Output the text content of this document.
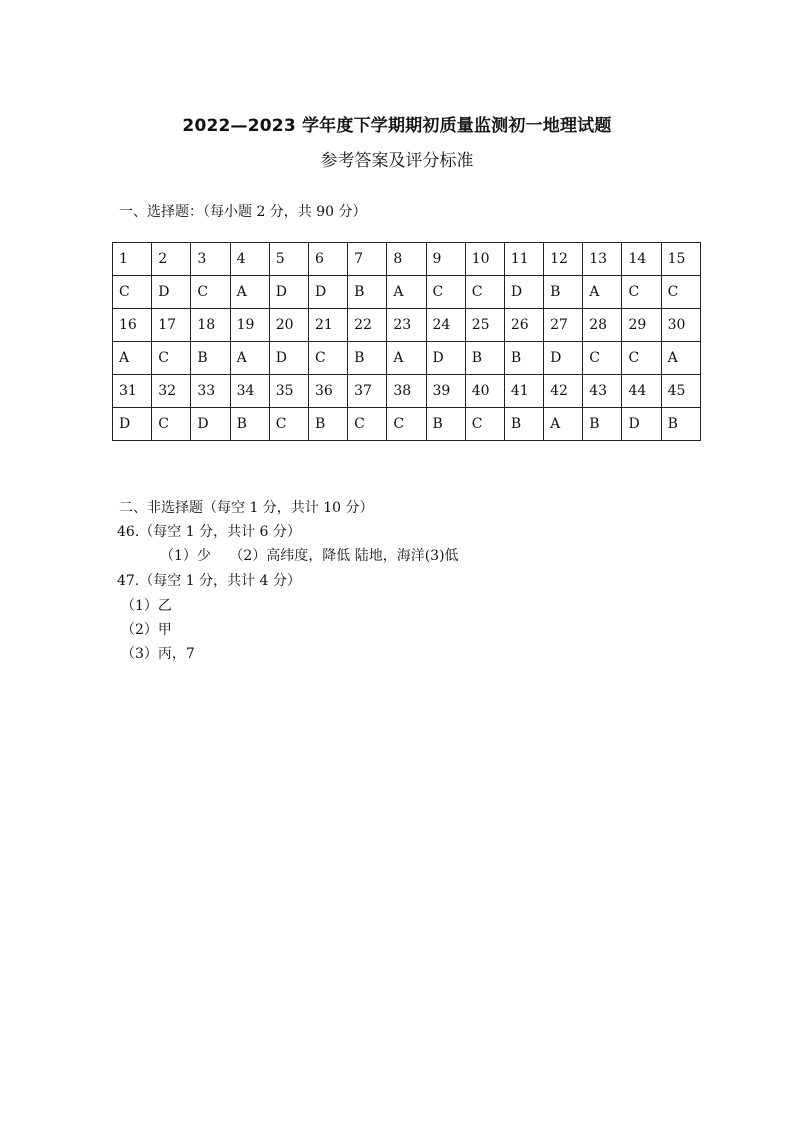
2022—2023 学年度下学期期初质量监测初一地理试题
参考答案及评分标准
一、选择题：（每小题 2 分，共 90 分）
1	2	3	4	5	6	7	8	9	10	11	12	13	14	15
C	D	C	A	D	D	B	A	C	C	D	B	A	C	C
16	17	18	19	20	21	22	23	24	25	26	27	28	29	30
A	C	B	A	D	C	B	A	D	B	B	D	C	C	A
31	32	33	34	35	36	37	38	39	40	41	42	43	44	45
D	C	D	B	C	B	C	C	B	C	B	A	B	D	B
二、非选择题（每空 1 分，共计 10 分）
46.（每空 1 分，共计 6 分）
（1）少　 （2）高纬度，降低 陆地，海洋(3)低
47.（每空 1 分，共计 4 分）
（1）乙
（2）甲
（3）丙，7
